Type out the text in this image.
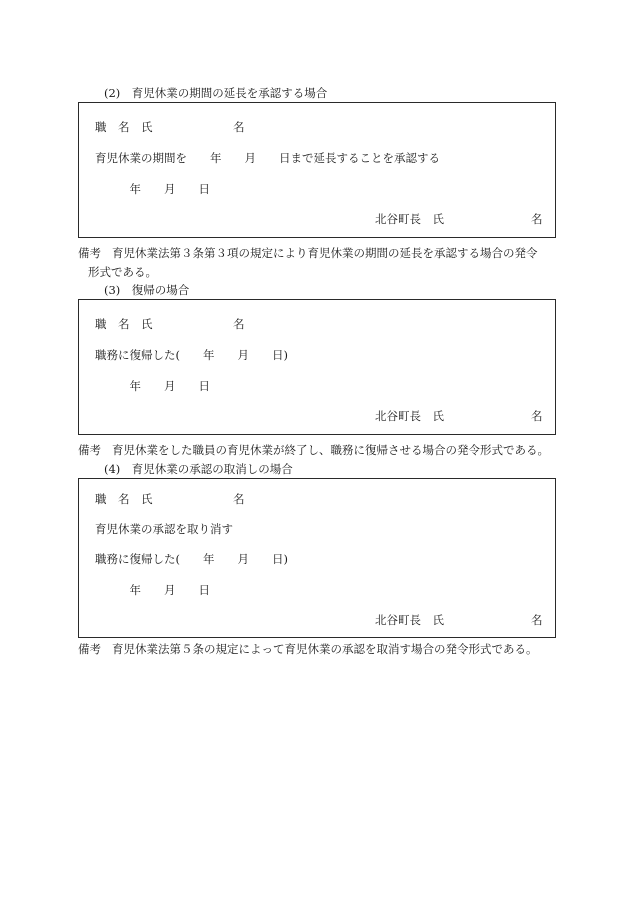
(2)　育児休業の期間の延長を承認する場合
職　名　氏　　　　　　　名
育児休業の期間を　　年　　月　　日まで延長することを承認する
　　　年　　月　　日
北谷町長　氏	名
備考 育児休業法第３条第３項の規定により育児休業の期間の延長を承認する場合の発令
形式である。
(3)　復帰の場合
職　名　氏　　　　　　　名
職務に復帰した(　　年　　月　　日)
　　　年　　月　　日
北谷町長　氏	名
備考 育児休業をした職員の育児休業が終了し、職務に復帰させる場合の発令形式である。
(4)　育児休業の承認の取消しの場合
職　名　氏　　　　　　　名
育児休業の承認を取り消す
職務に復帰した(　　年　　月　　日)
　　　年　　月　　日
北谷町長　氏	名
備考 育児休業法第５条の規定によって育児休業の承認を取消す場合の発令形式である。
